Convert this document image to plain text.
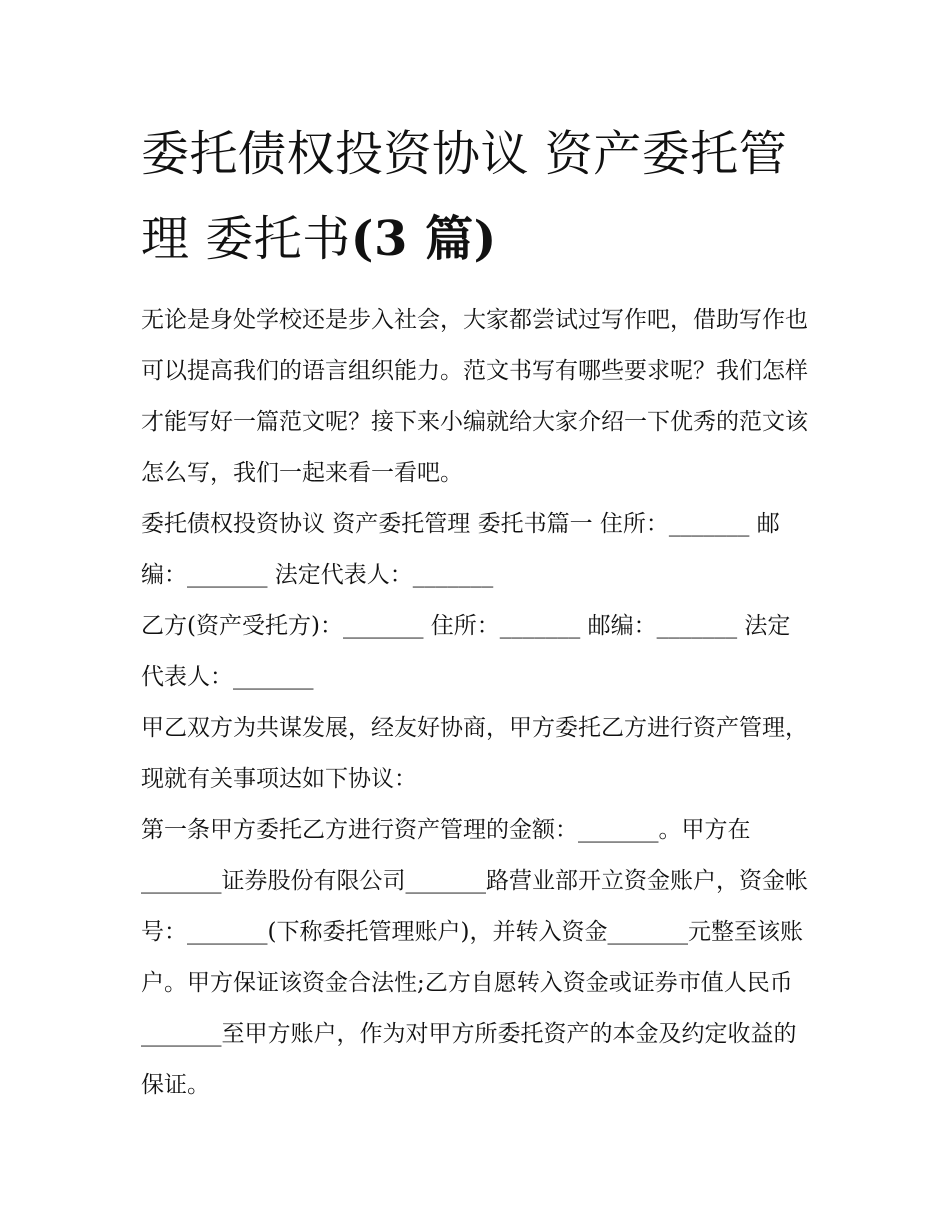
委托债权投资协议 资产委托管理 委托书(3 篇)

无论是身处学校还是步入社会，大家都尝试过写作吧，借助写作也可以提高我们的语言组织能力。范文书写有哪些要求呢？我们怎样才能写好一篇范文呢？接下来小编就给大家介绍一下优秀的范文该怎么写，我们一起来看一看吧。

委托债权投资协议 资产委托管理 委托书篇一 住所：_______ 邮编：_______ 法定代表人：_______

乙方(资产受托方)：_______ 住所：_______ 邮编：_______ 法定代表人：_______

甲乙双方为共谋发展，经友好协商，甲方委托乙方进行资产管理，现就有关事项达如下协议：

第一条甲方委托乙方进行资产管理的金额：_______。甲方在_______证券股份有限公司_______路营业部开立资金账户，资金帐号：_______(下称委托管理账户)，并转入资金_______元整至该账户。甲方保证该资金合法性;乙方自愿转入资金或证券市值人民币_______至甲方账户，作为对甲方所委托资产的本金及约定收益的保证。
